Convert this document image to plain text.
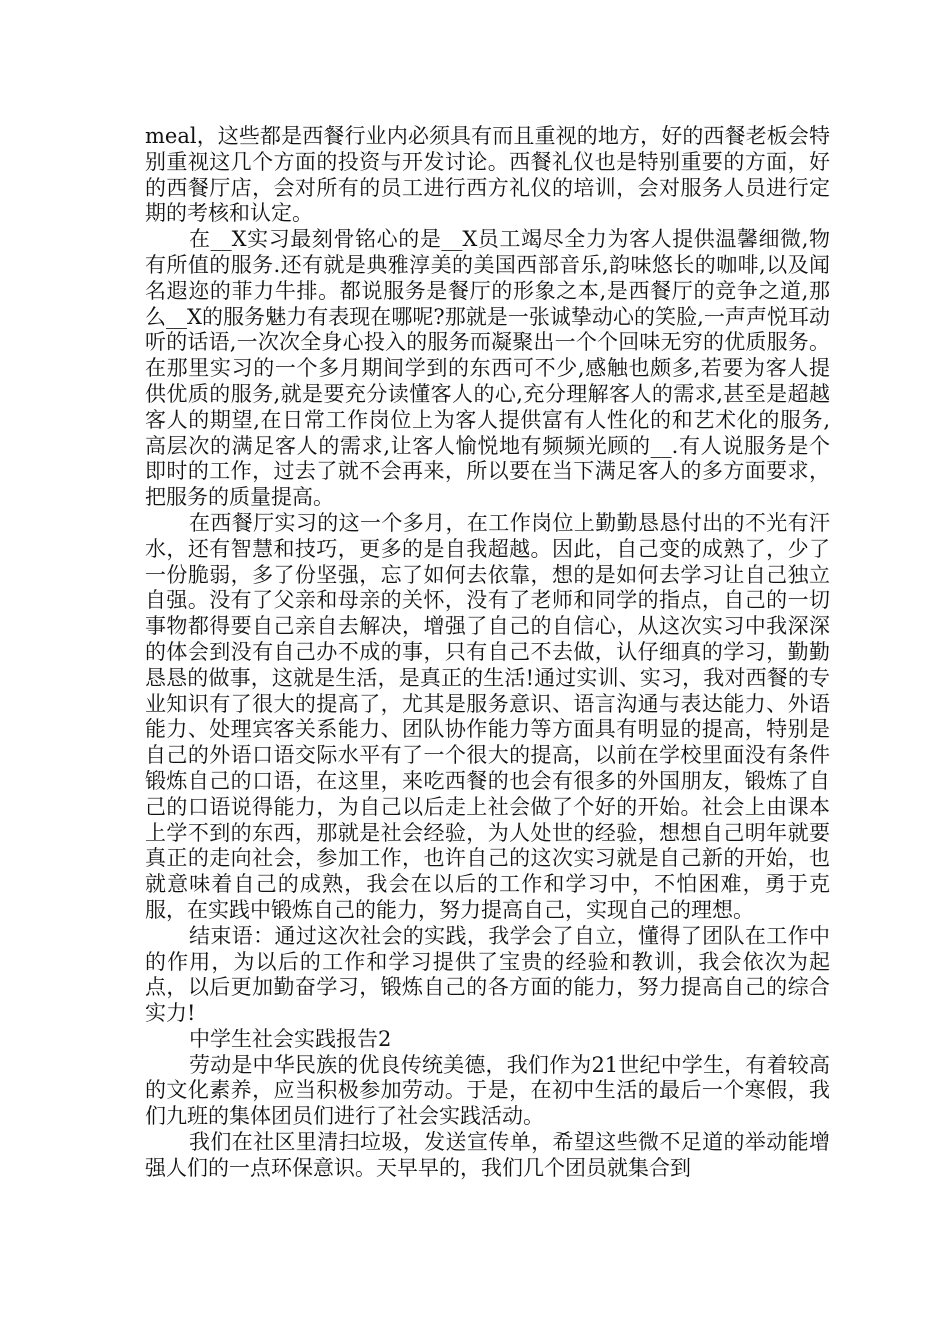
meal，这些都是西餐行业内必须具有而且重视的地方，好的西餐老板会特别重视这几个方面的投资与开发讨论。西餐礼仪也是特别重要的方面，好的西餐厅店，会对所有的员工进行西方礼仪的培训，会对服务人员进行定期的考核和认定。

在__X实习最刻骨铭心的是__X员工竭尽全力为客人提供温馨细微,物有所值的服务.还有就是典雅淳美的美国西部音乐,韵味悠长的咖啡,以及闻名遐迩的菲力牛排。都说服务是餐厅的形象之本,是西餐厅的竞争之道,那么__X的服务魅力有表现在哪呢?那就是一张诚挚动心的笑脸,一声声悦耳动听的话语,一次次全身心投入的服务而凝聚出一个个回味无穷的优质服务。在那里实习的一个多月期间学到的东西可不少,感触也颇多,若要为客人提供优质的服务,就是要充分读懂客人的心,充分理解客人的需求,甚至是超越客人的期望,在日常工作岗位上为客人提供富有人性化的和艺术化的服务,高层次的满足客人的需求,让客人愉悦地有频频光顾的__.有人说服务是个即时的工作，过去了就不会再来，所以要在当下满足客人的多方面要求，把服务的质量提高。

在西餐厅实习的这一个多月，在工作岗位上勤勤恳恳付出的不光有汗水，还有智慧和技巧，更多的是自我超越。因此，自己变的成熟了，少了一份脆弱，多了份坚强，忘了如何去依靠，想的是如何去学习让自己独立自强。没有了父亲和母亲的关怀，没有了老师和同学的指点，自己的一切事物都得要自己亲自去解决，增强了自己的自信心，从这次实习中我深深的体会到没有自己办不成的事，只有自己不去做，认仔细真的学习，勤勤恳恳的做事，这就是生活，是真正的生活!通过实训、实习，我对西餐的专业知识有了很大的提高了，尤其是服务意识、语言沟通与表达能力、外语能力、处理宾客关系能力、团队协作能力等方面具有明显的提高，特别是自己的外语口语交际水平有了一个很大的提高，以前在学校里面没有条件锻炼自己的口语，在这里，来吃西餐的也会有很多的外国朋友，锻炼了自己的口语说得能力，为自己以后走上社会做了个好的开始。社会上由课本上学不到的东西，那就是社会经验，为人处世的经验，想想自己明年就要真正的走向社会，参加工作，也许自己的这次实习就是自己新的开始，也就意味着自己的成熟，我会在以后的工作和学习中，不怕困难，勇于克服，在实践中锻炼自己的能力，努力提高自己，实现自己的理想。

结束语：通过这次社会的实践，我学会了自立，懂得了团队在工作中的作用，为以后的工作和学习提供了宝贵的经验和教训，我会依次为起点，以后更加勤奋学习，锻炼自己的各方面的能力，努力提高自己的综合实力!

中学生社会实践报告2

劳动是中华民族的优良传统美德，我们作为21世纪中学生，有着较高的文化素养，应当积极参加劳动。于是，在初中生活的最后一个寒假，我们九班的集体团员们进行了社会实践活动。

我们在社区里清扫垃圾，发送宣传单，希望这些微不足道的举动能增强人们的一点环保意识。天早早的，我们几个团员就集合到
